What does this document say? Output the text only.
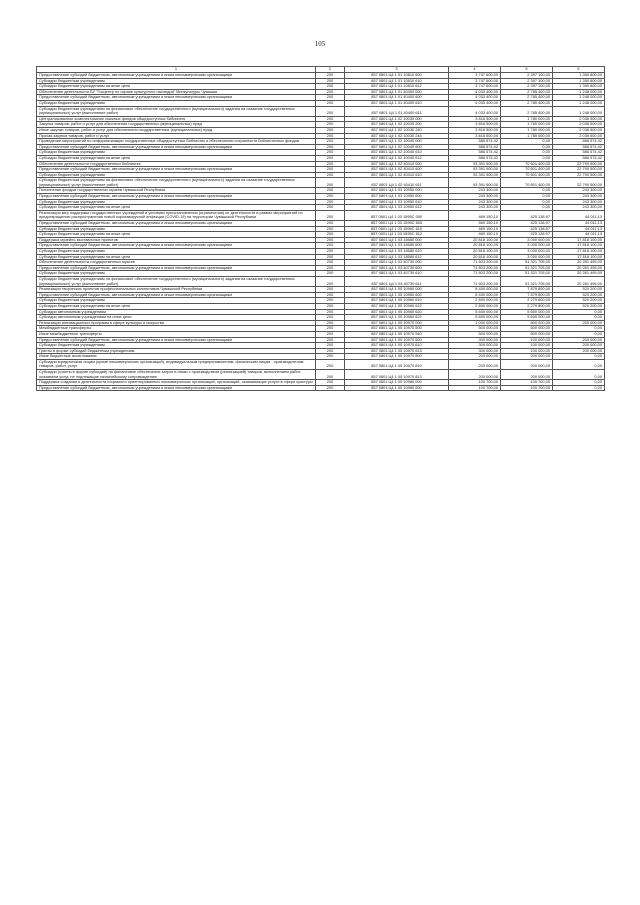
105
1	2	3	4	5	6
Предоставление субсидий бюджетным, автономным учреждениям и иным некоммерческим организациям	200	857 0801 Ц4 1 01 10810 600	3 747 600,00	2 397 100,00	1 350 800,00
Субсидии бюджетным учреждениям	200	857 0801 Ц4 1 01 10810 610	3 747 600,00	2 397 100,00	1 350 800,00
Субсидии бюджетным учреждениям на иные цели	200	857 0801 Ц4 1 01 10810 612	3 747 600,00	2 397 100,00	1 350 800,00
Обеспечение деятельности БУ "Госцентр по охране культурного наследия" Минкультуры Чувашии	200	857 0801 Ц4 1 01 40400 000	4 033 400,00	2 785 400,00	1 248 000,00
Предоставление субсидий бюджетным, автономным учреждениям и иным некоммерческим организациям	200	857 0801 Ц4 1 01 40400 600	4 033 400,00	2 785 400,00	1 248 000,00
Субсидии бюджетным учреждениям	200	857 0801 Ц4 1 01 40400 610	4 033 400,00	2 785 400,00	1 248 000,00
Субсидии бюджетным учреждениям на финансовое обеспечение государственного (муниципального) задания на оказание государственных (муниципальных) услуг (выполнение работ)	200	857 0801 Ц4 1 01 40400 611	4 033 400,00	2 785 400,00	1 248 000,00
Централизованное комплектование книжных фондов общедоступных библиотек	200	857 0801 Ц4 1 02 10030 000	3 816 500,00	1 780 000,00	2 036 500,00
Закупка товаров, работ и услуг для обеспечения государственных (муниципальных) нужд	200	857 0801 Ц4 1 02 10030 200	3 816 500,00	1 780 000,00	2 036 500,00
Иные закупки товаров, работ и услуг для обеспечения государственных (муниципальных) нужд	200	857 0801 Ц4 1 02 10030 240	3 816 500,00	1 780 000,00	2 036 500,00
Прочая закупка товаров, работ и услуг	200	857 0801 Ц4 1 02 10030 244	3 816 500,00	1 780 000,00	2 036 500,00
Проведение мероприятий по информатизации государственных общедоступных библиотек и обеспечению сохранности библиотечных фондов	200	857 0801 Ц4 1 02 10040 000	586 574,42	0,00	586 574,42
Предоставление субсидий бюджетным, автономным учреждениям и иным некоммерческим организациям	200	857 0801 Ц4 1 02 10040 600	586 574,42	0,00	586 574,42
Субсидии бюджетным учреждениям	200	857 0801 Ц4 1 02 10040 610	586 574,42	0,00	586 574,42
Субсидии бюджетным учреждениям на иные цели	200	857 0801 Ц4 1 02 10040 612	586 574,42	0,00	586 574,42
Обеспечение деятельности государственных библиотек	200	857 0801 Ц4 1 02 40410 000	93 391 900,00	70 601 400,00	22 790 500,00
Предоставление субсидий бюджетным, автономным учреждениям и иным некоммерческим организациям	200	857 0801 Ц4 1 02 40410 600	93 391 900,00	70 601 400,00	22 790 500,00
Субсидии бюджетным учреждениям	200	857 0801 Ц4 1 02 40410 610	93 391 900,00	70 601 400,00	22 790 500,00
Субсидии бюджетным учреждениям на финансовое обеспечение государственного (муниципального) задания на оказание государственных (муниципальных) услуг (выполнение работ)	200	857 0801 Ц4 1 02 40410 611	93 391 900,00	70 601 400,00	22 790 500,00
Пополнение фондов государственных музеев Чувашской Республики	200	857 0801 Ц4 1 03 10950 000	243 300,00	0,00	243 300,00
Предоставление субсидий бюджетным, автономным учреждениям и иным некоммерческим организациям	200	857 0801 Ц4 1 03 10950 600	243 300,00	0,00	243 300,00
Субсидии бюджетным учреждениям	200	857 0801 Ц4 1 03 10950 610	243 300,00	0,00	243 300,00
Субсидии бюджетным учреждениям на иные цели	200	857 0801 Ц4 1 03 10950 612	243 300,00	0,00	243 300,00
Реализация мер поддержки государственных учреждений в условиях приостановления (ограничения) их деятельности в рамках мероприятий по предотвращению распространения новой коронавирусной инфекции (COVID-19) на территории Чувашской Республики	200	857 0801 Ц4 1 03 1595C 000	469 150,10	425 138,97	44 011,13
Предоставление субсидий бюджетным, автономным учреждениям и иным некоммерческим организациям	200	857 0801 Ц4 1 03 1595C 600	469 150,10	425 138,97	44 011,13
Субсидии бюджетным учреждениям	200	857 0801 Ц4 1 03 1595C 610	469 150,10	425 138,97	44 011,13
Субсидии бюджетным учреждениям на иные цели	200	857 0801 Ц4 1 03 1595C 612	469 150,10	425 138,97	44 011,13
Поддержка музейно-выставочных проектов	200	857 0801 Ц4 1 03 18580 000	20 818 100,00	3 000 000,00	17 818 100,00
Предоставление субсидий бюджетным, автономным учреждениям и иным некоммерческим организациям	200	857 0801 Ц4 1 03 18580 600	20 818 100,00	3 000 000,00	17 818 100,00
Субсидии бюджетным учреждениям	200	857 0801 Ц4 1 03 18580 610	20 818 100,00	3 000 000,00	17 818 100,00
Субсидии бюджетным учреждениям на иные цели	200	857 0801 Ц4 1 03 18580 612	20 818 100,00	3 000 000,00	17 818 100,00
Обеспечение деятельности государственных музеев	200	857 0801 Ц4 1 03 40730 000	71 603 200,00	51 321 705,00	20 281 495,00
Предоставление субсидий бюджетным, автономным учреждениям и иным некоммерческим организациям	200	857 0801 Ц4 1 03 40730 600	71 603 200,00	51 321 705,00	20 281 495,00
Субсидии бюджетным учреждениям	200	857 0801 Ц4 1 03 40730 610	71 603 200,00	51 321 705,00	20 281 495,00
Субсидии бюджетным учреждениям на финансовое обеспечение государственного (муниципального) задания на оказание государственных (муниципальных) услуг (выполнение работ)	200	857 0801 Ц4 1 03 40730 611	71 603 200,00	51 321 705,00	20 281 495,00
Реализация творческих проектов профессиональных коллективов Чувашской Республики	200	857 0801 Ц4 1 05 10960 000	8 400 000,00	7 879 800,00	520 200,00
Предоставление субсидий бюджетным, автономным учреждениям и иным некоммерческим организациям	200	857 0801 Ц4 1 05 10960 600	8 400 000,00	7 879 800,00	520 200,00
Субсидии бюджетным учреждениям	200	857 0801 Ц4 1 05 10960 610	2 800 000,00	2 279 800,00	520 200,00
Субсидии бюджетным учреждениям на иные цели	200	857 0801 Ц4 1 05 10960 612	2 800 000,00	2 279 800,00	520 200,00
Субсидии автономным учреждениям	200	857 0801 Ц4 1 05 10960 620	5 600 000,00	5 600 000,00	0,00
Субсидии автономным учреждениям на иные цели	200	857 0801 Ц4 1 05 10960 622	5 600 000,00	5 600 000,00	0,00
Реализация инновационных программ в сфере культуры и искусства	200	857 0801 Ц4 1 05 10970 000	1 000 000,00	800 000,00	200 000,00
Межбюджетные трансферты	200	857 0801 Ц4 1 05 10970 500	500 000,00	500 000,00	0,00
Иные межбюджетные трансферты	200	857 0801 Ц4 1 05 10970 540	500 000,00	500 000,00	0,00
Предоставление субсидий бюджетным, автономным учреждениям и иным некоммерческим организациям	200	857 0801 Ц4 1 05 10970 600	300 000,00	100 000,00	200 000,00
Субсидии бюджетным учреждениям	200	857 0801 Ц4 1 05 10970 610	300 000,00	100 000,00	200 000,00
Гранты в форме субсидий бюджетным учреждениям	200	857 0801 Ц4 1 05 10970 613	300 000,00	100 000,00	200 000,00
Иные бюджетные ассигнования	200	857 0801 Ц4 1 05 10970 800	200 000,00	200 000,00	0,00
Субсидии юридическим лицам (кроме некоммерческих организаций), индивидуальным предпринимателям, физическим лицам - производителям товаров, работ, услуг	200	857 0801 Ц4 1 05 10970 810	200 000,00	200 000,00	0,00
Субсидии (гранты в форме субсидий) на финансовое обеспечение затрат в связи с производством (реализацией) товаров, выполнением работ, оказанием услуг, не подлежащие казначейскому сопровождению	200	857 0801 Ц4 1 05 10970 813	200 000,00	200 000,00	0,00
Поддержка создания и деятельности социально ориентированных некоммерческих организаций, организаций, оказывающих услуги в сфере культуры	200	857 0801 Ц4 1 05 10980 000	100 700,00	100 700,00	0,00
Предоставление субсидий бюджетным, автономным учреждениям и иным некоммерческим организациям	200	857 0801 Ц4 1 05 10980 600	100 700,00	100 700,00	0,00
